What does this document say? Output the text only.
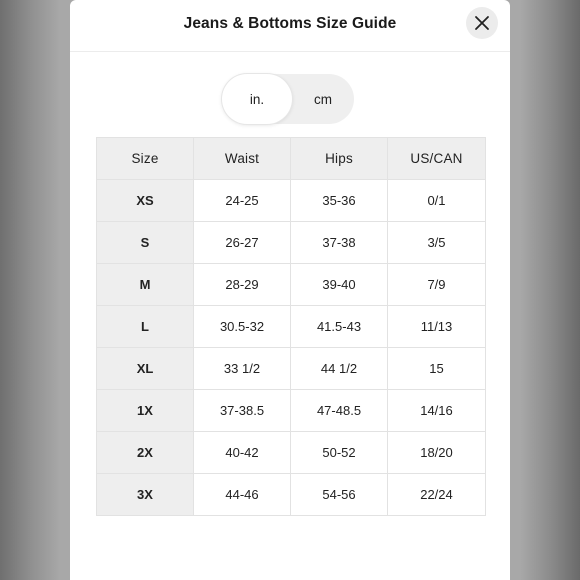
Jeans & Bottoms Size Guide
cm
in.
Size	Waist	Hips	US/CAN
XS	24-25	35-36	0/1
S	26-27	37-38	3/5
M	28-29	39-40	7/9
L	30.5-32	41.5-43	11/13
XL	33 1/2	44 1/2	15
1X	37-38.5	47-48.5	14/16
2X	40-42	50-52	18/20
3X	44-46	54-56	22/24
